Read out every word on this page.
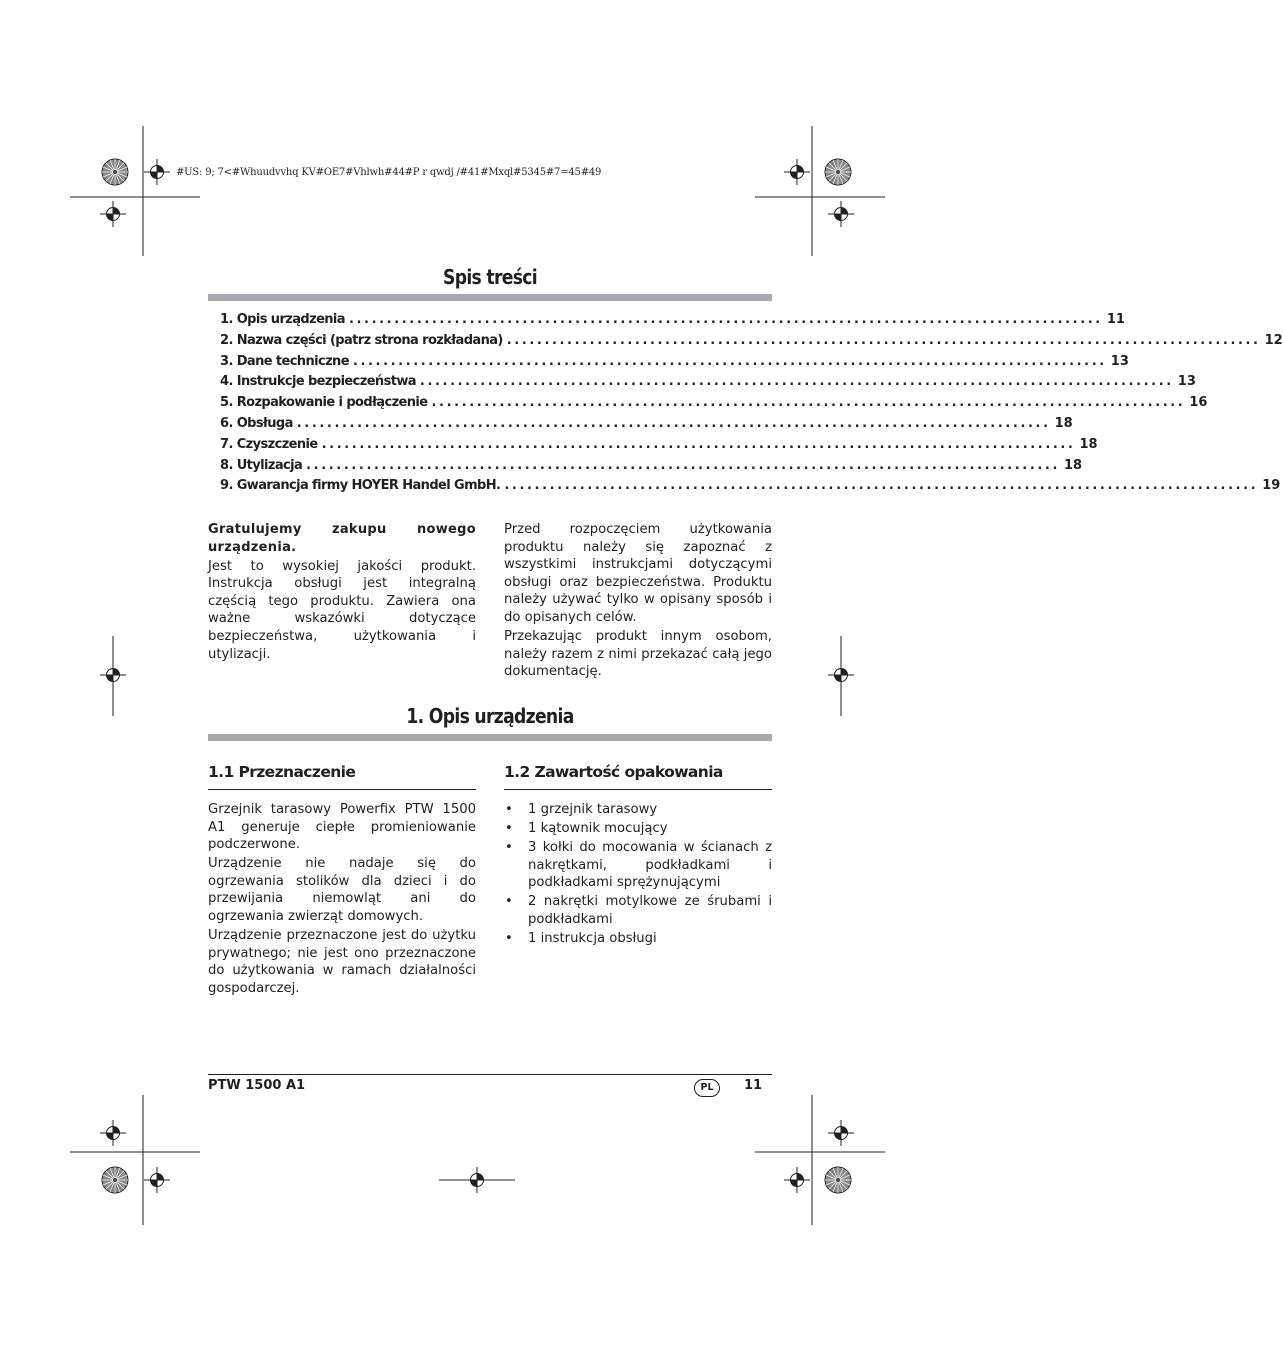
#US: 9; 7<#Whuudvvhq KV#OE7#Vhlwh#44#P r qwdj /#41#Mxql#5345#7=45#49
Spis treści
1. Opis urządzenia .................................................................................................... 11
2. Nazwa części (patrz strona rozkładana) .................................................................................................... 12
3. Dane techniczne .................................................................................................... 13
4. Instrukcje bezpieczeństwa .................................................................................................... 13
5. Rozpakowanie i podłączenie .................................................................................................... 16
6. Obsługa .................................................................................................... 18
7. Czyszczenie .................................................................................................... 18
8. Utylizacja .................................................................................................... 18
9. Gwarancja firmy HOYER Handel GmbH. .................................................................................................... 19

Gratulujemy zakupu nowego urządzenia.

Jest to wysokiej jakości produkt. Instrukcja obsługi jest integralną częścią tego produktu. Zawiera ona ważne wskazówki dotyczące bezpieczeństwa, użytkowania i utylizacji.

Przed rozpoczęciem użytkowania produktu należy się zapoznać z wszystkimi instrukcjami dotyczącymi obsługi oraz bezpieczeństwa. Produktu należy używać tylko w opisany sposób i do opisanych celów.

Przekazując produkt innym osobom, należy razem z nimi przekazać całą jego dokumentację.

1. Opis urządzenia
1.1 Przeznaczenie

Grzejnik tarasowy Powerfix PTW 1500 A1 generuje ciepłe promieniowanie podczerwone.

Urządzenie nie nadaje się do ogrzewania stolików dla dzieci i do przewijania niemowląt ani do ogrzewania zwierząt domowych.

Urządzenie przeznaczone jest do użytku prywatnego; nie jest ono przeznaczone do użytkowania w ramach działalności gospodarczej.

1.2 Zawartość opakowania
• 1 grzejnik tarasowy
• 1 kątownik mocujący
• 3 kołki do mocowania w ścianach z nakrętkami, podkładkami i podkładkami sprężynującymi
• 2 nakrętki motylkowe ze śrubami i podkładkami
• 1 instrukcja obsługi
PTW 1500 A1	PL	11
